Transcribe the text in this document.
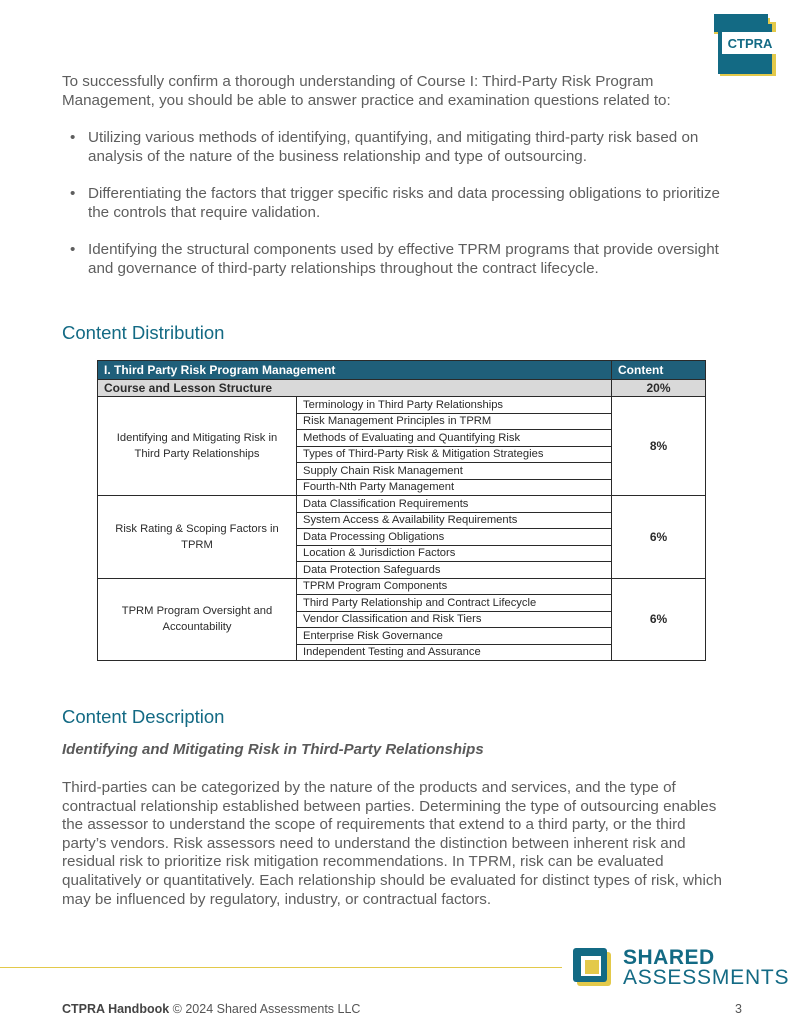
CTPRA

To successfully confirm a thorough understanding of Course I: Third-Party Risk Program Management, you should be able to answer practice and examination questions related to:

• Utilizing various methods of identifying, quantifying, and mitigating third-party risk based on analysis of the nature of the business relationship and type of outsourcing.
• Differentiating the factors that trigger specific risks and data processing obligations to prioritize the controls that require validation.
• Identifying the structural components used by effective TPRM programs that provide oversight and governance of third-party relationships throughout the contract lifecycle.
Content Distribution
I. Third Party Risk Program Management		Content
Course and Lesson Structure		20%
Identifying and Mitigating Risk in Third Party Relationships	Terminology in Third Party Relationships	8%
	Risk Management Principles in TPRM	
	Methods of Evaluating and Quantifying Risk	
	Types of Third-Party Risk & Mitigation Strategies	
	Supply Chain Risk Management	
	Fourth-Nth Party Management	
Risk Rating & Scoping Factors in TPRM	Data Classification Requirements	6%
	System Access & Availability Requirements	
	Data Processing Obligations	
	Location & Jurisdiction Factors	
	Data Protection Safeguards	
TPRM Program Oversight and Accountability	TPRM Program Components	6%
	Third Party Relationship and Contract Lifecycle	
	Vendor Classification and Risk Tiers	
	Enterprise Risk Governance	
	Independent Testing and Assurance	
Content Description

Identifying and Mitigating Risk in Third-Party Relationships

Third-parties can be categorized by the nature of the products and services, and the type of contractual relationship established between parties. Determining the type of outsourcing enables the assessor to understand the scope of requirements that extend to a third party, or the third party’s vendors. Risk assessors need to understand the distinction between inherent risk and residual risk to prioritize risk mitigation recommendations. In TPRM, risk can be evaluated qualitatively or quantitatively. Each relationship should be evaluated for distinct types of risk, which may be influenced by regulatory, industry, or contractual factors.

SHARED
ASSESSMENTS
CTPRA Handbook © 2024 Shared Assessments LLC	3
